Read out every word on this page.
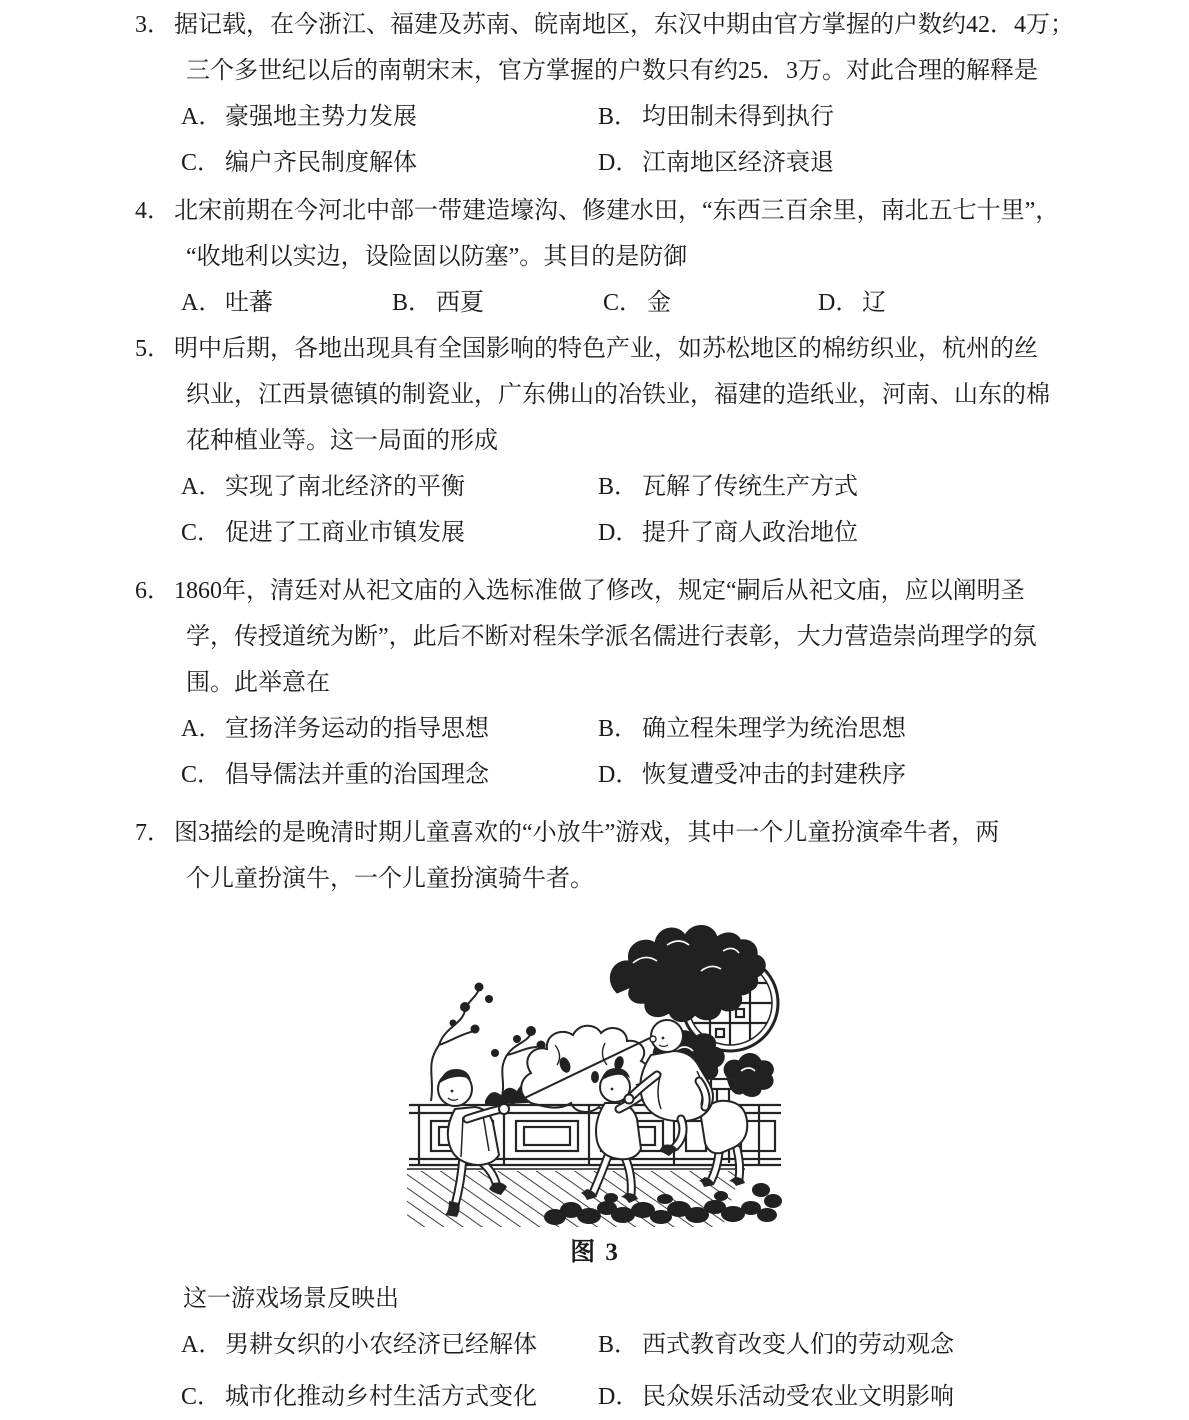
3． 据记载，在今浙江、福建及苏南、皖南地区，东汉中期由官方掌握的户数约42．4万；

三个多世纪以后的南朝宋末，官方掌握的户数只有约25．3万。对此合理的解释是

A． 豪强地主势力发展	B． 均田制未得到执行
C． 编户齐民制度解体	D． 江南地区经济衰退

4． 北宋前期在今河北中部一带建造壕沟、修建水田，“东西三百余里，南北五七十里”，

“收地利以实边，设险固以防塞”。其目的是防御

A． 吐蕃	B． 西夏	C． 金	D． 辽

5． 明中后期，各地出现具有全国影响的特色产业，如苏松地区的棉纺织业，杭州的丝

织业，江西景德镇的制瓷业，广东佛山的冶铁业，福建的造纸业，河南、山东的棉

花种植业等。这一局面的形成

A． 实现了南北经济的平衡	B． 瓦解了传统生产方式
C． 促进了工商业市镇发展	D． 提升了商人政治地位

6． 1860年，清廷对从祀文庙的入选标准做了修改，规定“嗣后从祀文庙，应以阐明圣

学，传授道统为断”，此后不断对程朱学派名儒进行表彰，大力营造崇尚理学的氛

围。此举意在

A． 宣扬洋务运动的指导思想	B． 确立程朱理学为统治思想
C． 倡导儒法并重的治国理念	D． 恢复遭受冲击的封建秩序

7． 图3描绘的是晚清时期儿童喜欢的“小放牛”游戏，其中一个儿童扮演牵牛者，两

个儿童扮演牛，一个儿童扮演骑牛者。

图 3

这一游戏场景反映出

A． 男耕女织的小农经济已经解体	B． 西式教育改变人们的劳动观念
C． 城市化推动乡村生活方式变化	D． 民众娱乐活动受农业文明影响
